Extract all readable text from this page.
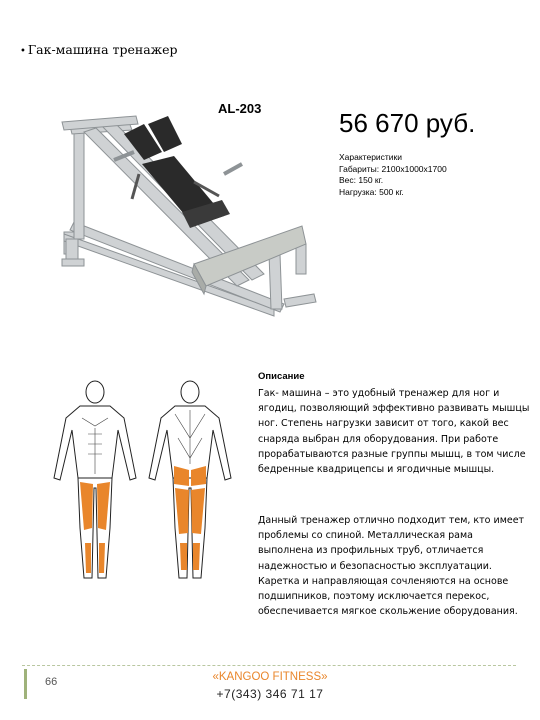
• Гак-машина тренажер
AL-203	56 670 руб.
Характеристики
Габариты: 2100х1000х1700
Вес: 150 кг.
Нагрузка: 500 кг.
Описание
Гак- машина – это удобный тренажер для ног и ягодиц, позволяющий эффективно развивать мышцы ног. Степень нагрузки зависит от того, какой вес снаряда выбран для оборудования. При работе прорабатываются разные группы мышц, в том числе бедренные квадрицепсы и ягодичные мышцы.
Данный тренажер отлично подходит тем, кто имеет проблемы со спиной. Металлическая рама выполнена из профильных труб, отличается надежностью и безопасностью эксплуатации. Каретка и направляющая сочленяются на основе подшипников, поэтому исключается перекос, обеспечивается мягкое скольжение оборудования.
66	«KANGOO FITNESS»
+7(343) 346 71 17
